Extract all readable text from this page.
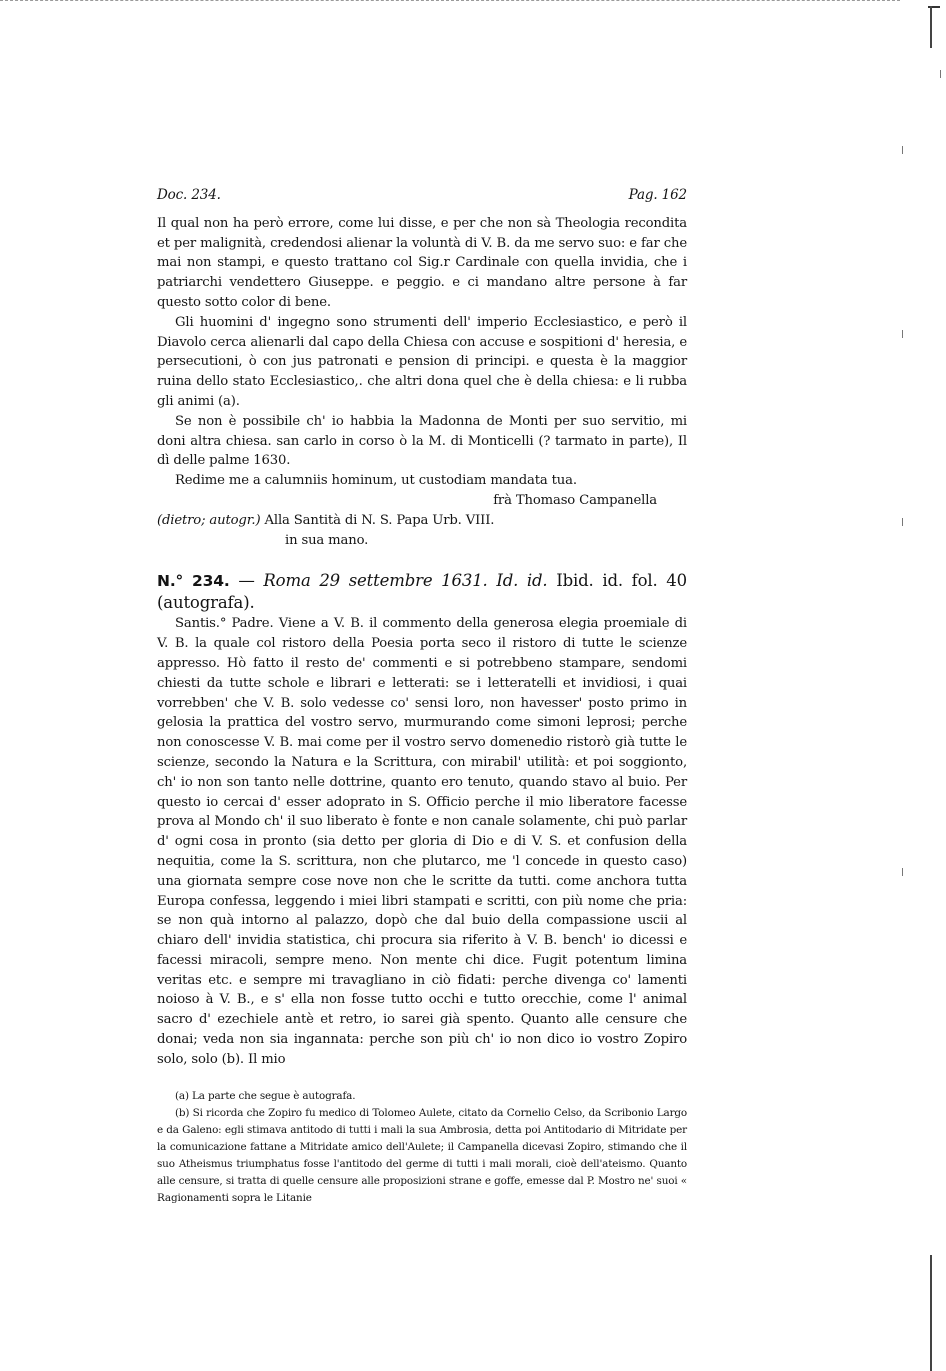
Doc. 234.	Pag. 162

Il qual non ha però errore, come lui disse, e per che non sà Theologia recondita et per malignità, credendosi alienar la voluntà di V. B. da me servo suo: e far che mai non stampi, e questo trattano col Sig.r Cardinale con quella invidia, che i patriarchi vendettero Giuseppe. e peggio. e ci mandano altre persone à far questo sotto color di bene.

Gli huomini d' ingegno sono strumenti dell' imperio Ecclesiastico, e però il Diavolo cerca alienarli dal capo della Chiesa con accuse e sospitioni d' heresia, e persecutioni, ò con jus patronati e pension di principi. e questa è la maggior ruina dello stato Ecclesiastico,. che altri dona quel che è della chiesa: e li rubba gli animi (a).

Se non è possibile ch' io habbia la Madonna de Monti per suo servitio, mi doni altra chiesa. san carlo in corso ò la M. di Monticelli (? tarmato in parte), Il dì delle palme 1630.

Redime me a calumniis hominum, ut custodiam mandata tua.

frà Thomaso Campanella

(dietro; autogr.) Alla Santità di N. S. Papa Urb. VIII.

in sua mano.

N.° 234. — Roma 29 settembre 1631. Id. id. Ibid. id. fol. 40 (autografa).

Santis.° Padre. Viene a V. B. il commento della generosa elegia proemiale di V. B. la quale col ristoro della Poesia porta seco il ristoro di tutte le scienze appresso. Hò fatto il resto de' commenti e si potrebbeno stampare, sendomi chiesti da tutte schole e librari e letterati: se i letteratelli et invidiosi, i quai vorrebben' che V. B. solo vedesse co' sensi loro, non havesser' posto primo in gelosia la prattica del vostro servo, murmurando come simoni leprosi; perche non conoscesse V. B. mai come per il vostro servo domenedio ristorò già tutte le scienze, secondo la Natura e la Scrittura, con mirabil' utilità: et poi soggionto, ch' io non son tanto nelle dottrine, quanto ero tenuto, quando stavo al buio. Per questo io cercai d' esser adoprato in S. Officio perche il mio liberatore facesse prova al Mondo ch' il suo liberato è fonte e non canale solamente, chi può parlar d' ogni cosa in pronto (sia detto per gloria di Dio e di V. S. et confusion della nequitia, come la S. scrittura, non che plutarco, me 'l concede in questo caso) una giornata sempre cose nove non che le scritte da tutti. come anchora tutta Europa confessa, leggendo i miei libri stampati e scritti, con più nome che pria: se non quà intorno al palazzo, dopò che dal buio della compassione uscii al chiaro dell' invidia statistica, chi procura sia riferito à V. B. bench' io dicessi e facessi miracoli, sempre meno. Non mente chi dice. Fugit potentum limina veritas etc. e sempre mi travagliano in ciò fidati: perche divenga co' lamenti noioso à V. B., e s' ella non fosse tutto occhi e tutto orecchie, come l' animal sacro d' ezechiele antè et retro, io sarei già spento. Quanto alle censure che donai; veda non sia ingannata: perche son più ch' io non dico io vostro Zopiro solo, solo (b). Il mio

(a) La parte che segue è autografa.

(b) Si ricorda che Zopiro fu medico di Tolomeo Aulete, citato da Cornelio Celso, da Scribonio Largo e da Galeno: egli stimava antitodo di tutti i mali la sua Ambrosia, detta poi Antitodario di Mitridate per la comunicazione fattane a Mitridate amico dell'Aulete; il Campanella dicevasi Zopiro, stimando che il suo Atheismus triumphatus fosse l'antitodo del germe di tutti i mali morali, cioè dell'ateismo. Quanto alle censure, si tratta di quelle censure alle proposizioni strane e goffe, emesse dal P. Mostro ne' suoi « Ragionamenti sopra le Litanie
